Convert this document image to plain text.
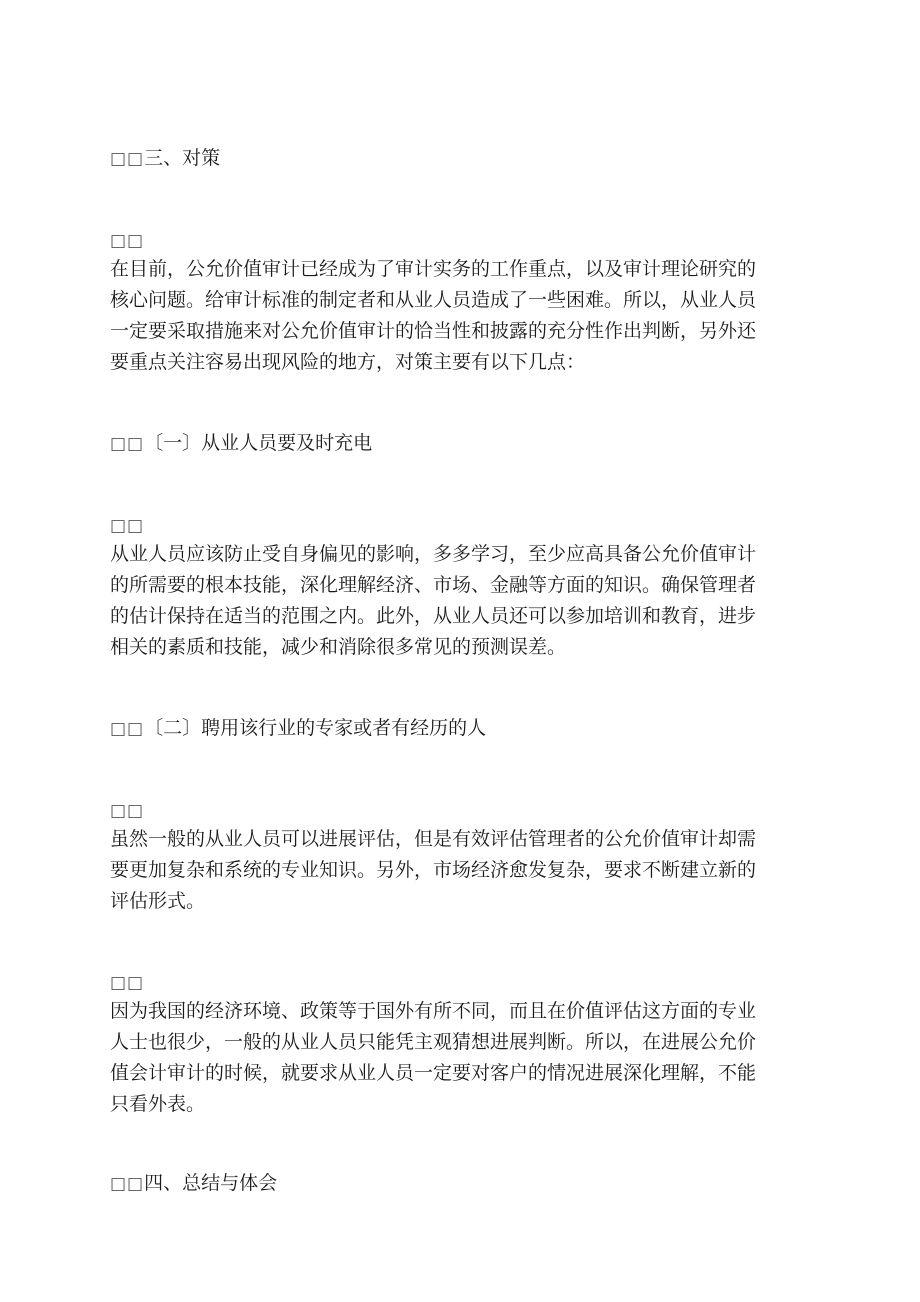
□□三、对策
□□
在目前，公允价值审计已经成为了审计实务的工作重点，以及审计理论研究的
核心问题。给审计标准的制定者和从业人员造成了一些困难。所以，从业人员
一定要采取措施来对公允价值审计的恰当性和披露的充分性作出判断，另外还
要重点关注容易出现风险的地方，对策主要有以下几点：
□□〔一〕从业人员要及时充电
□□
从业人员应该防止受自身偏见的影响，多多学习，至少应高具备公允价值审计
的所需要的根本技能，深化理解经济、市场、金融等方面的知识。确保管理者
的估计保持在适当的范围之内。此外，从业人员还可以参加培训和教育，进步
相关的素质和技能，减少和消除很多常见的预测误差。
□□〔二〕聘用该行业的专家或者有经历的人
□□
虽然一般的从业人员可以进展评估，但是有效评估管理者的公允价值审计却需
要更加复杂和系统的专业知识。另外，市场经济愈发复杂，要求不断建立新的
评估形式。
□□
因为我国的经济环境、政策等于国外有所不同，而且在价值评估这方面的专业
人士也很少，一般的从业人员只能凭主观猜想进展判断。所以，在进展公允价
值会计审计的时候，就要求从业人员一定要对客户的情况进展深化理解，不能
只看外表。
□□四、总结与体会
